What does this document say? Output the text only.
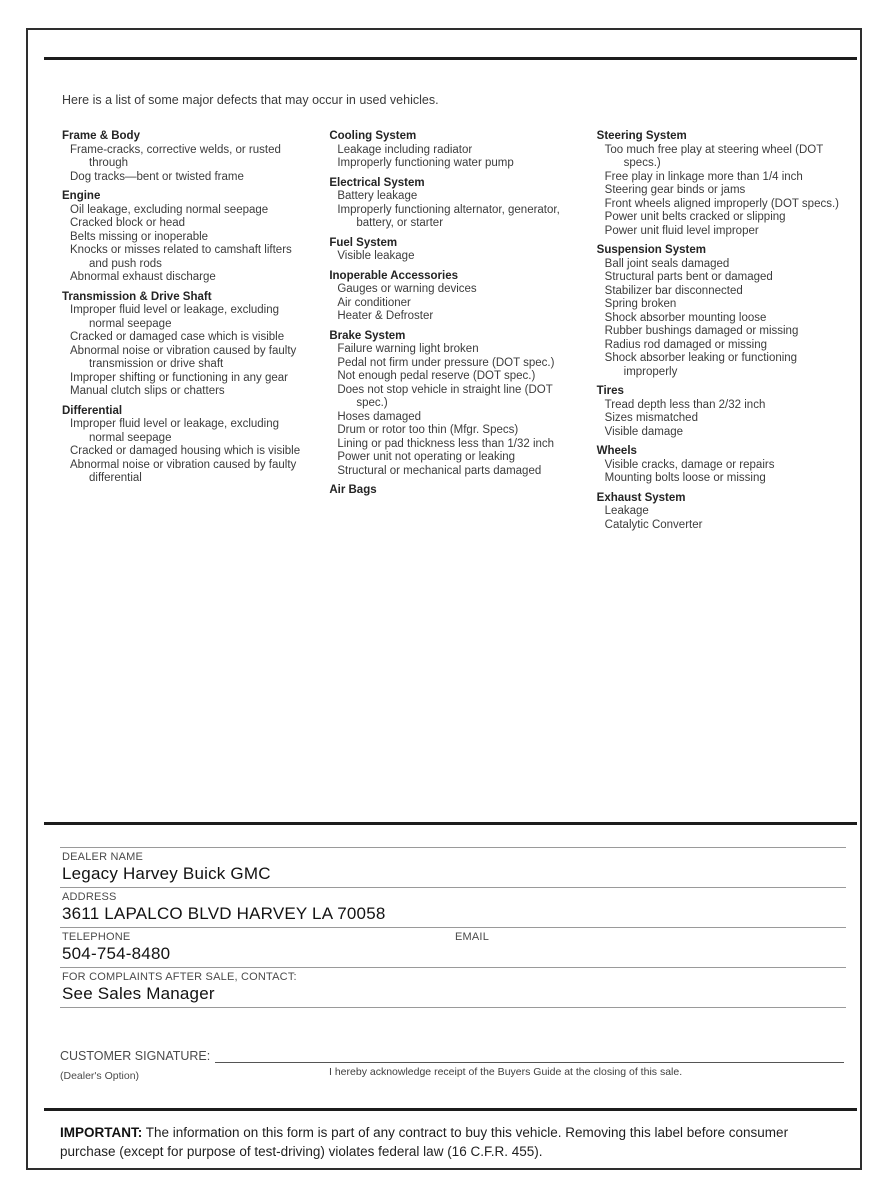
Here is a list of some major defects that may occur in used vehicles.
Frame & Body
Frame-cracks, corrective welds, or rusted through
Dog tracks—bent or twisted frame
Engine
Oil leakage, excluding normal seepage
Cracked block or head
Belts missing or inoperable
Knocks or misses related to camshaft lifters and push rods
Abnormal exhaust discharge
Transmission & Drive Shaft
Improper fluid level or leakage, excluding normal seepage
Cracked or damaged case which is visible
Abnormal noise or vibration caused by faulty transmission or drive shaft
Improper shifting or functioning in any gear
Manual clutch slips or chatters
Differential
Improper fluid level or leakage, excluding normal seepage
Cracked or damaged housing which is visible
Abnormal noise or vibration caused by faulty differential
Cooling System
Leakage including radiator
Improperly functioning water pump
Electrical System
Battery leakage
Improperly functioning alternator, generator, battery, or starter
Fuel System
Visible leakage
Inoperable Accessories
Gauges or warning devices
Air conditioner
Heater & Defroster
Brake System
Failure warning light broken
Pedal not firm under pressure (DOT spec.)
Not enough pedal reserve (DOT spec.)
Does not stop vehicle in straight line (DOT spec.)
Hoses damaged
Drum or rotor too thin (Mfgr. Specs)
Lining or pad thickness less than 1/32 inch
Power unit not operating or leaking
Structural or mechanical parts damaged
Air Bags
Steering System
Too much free play at steering wheel (DOT specs.)
Free play in linkage more than 1/4 inch
Steering gear binds or jams
Front wheels aligned improperly (DOT specs.)
Power unit belts cracked or slipping
Power unit fluid level improper
Suspension System
Ball joint seals damaged
Structural parts bent or damaged
Stabilizer bar disconnected
Spring broken
Shock absorber mounting loose
Rubber bushings damaged or missing
Radius rod damaged or missing
Shock absorber leaking or functioning improperly
Tires
Tread depth less than 2/32 inch
Sizes mismatched
Visible damage
Wheels
Visible cracks, damage or repairs
Mounting bolts loose or missing
Exhaust System
Leakage
Catalytic Converter
DEALER NAME
Legacy Harvey Buick GMC
ADDRESS
3611 LAPALCO BLVD HARVEY LA 70058
TELEPHONE
504-754-8480
EMAIL
FOR COMPLAINTS AFTER SALE, CONTACT:
See Sales Manager
CUSTOMER SIGNATURE:
(Dealer's Option)	I hereby acknowledge receipt of the Buyers Guide at the closing of this sale.
IMPORTANT: The information on this form is part of any contract to buy this vehicle. Removing this label before consumer purchase (except for purpose of test-driving) violates federal law (16 C.F.R. 455).
